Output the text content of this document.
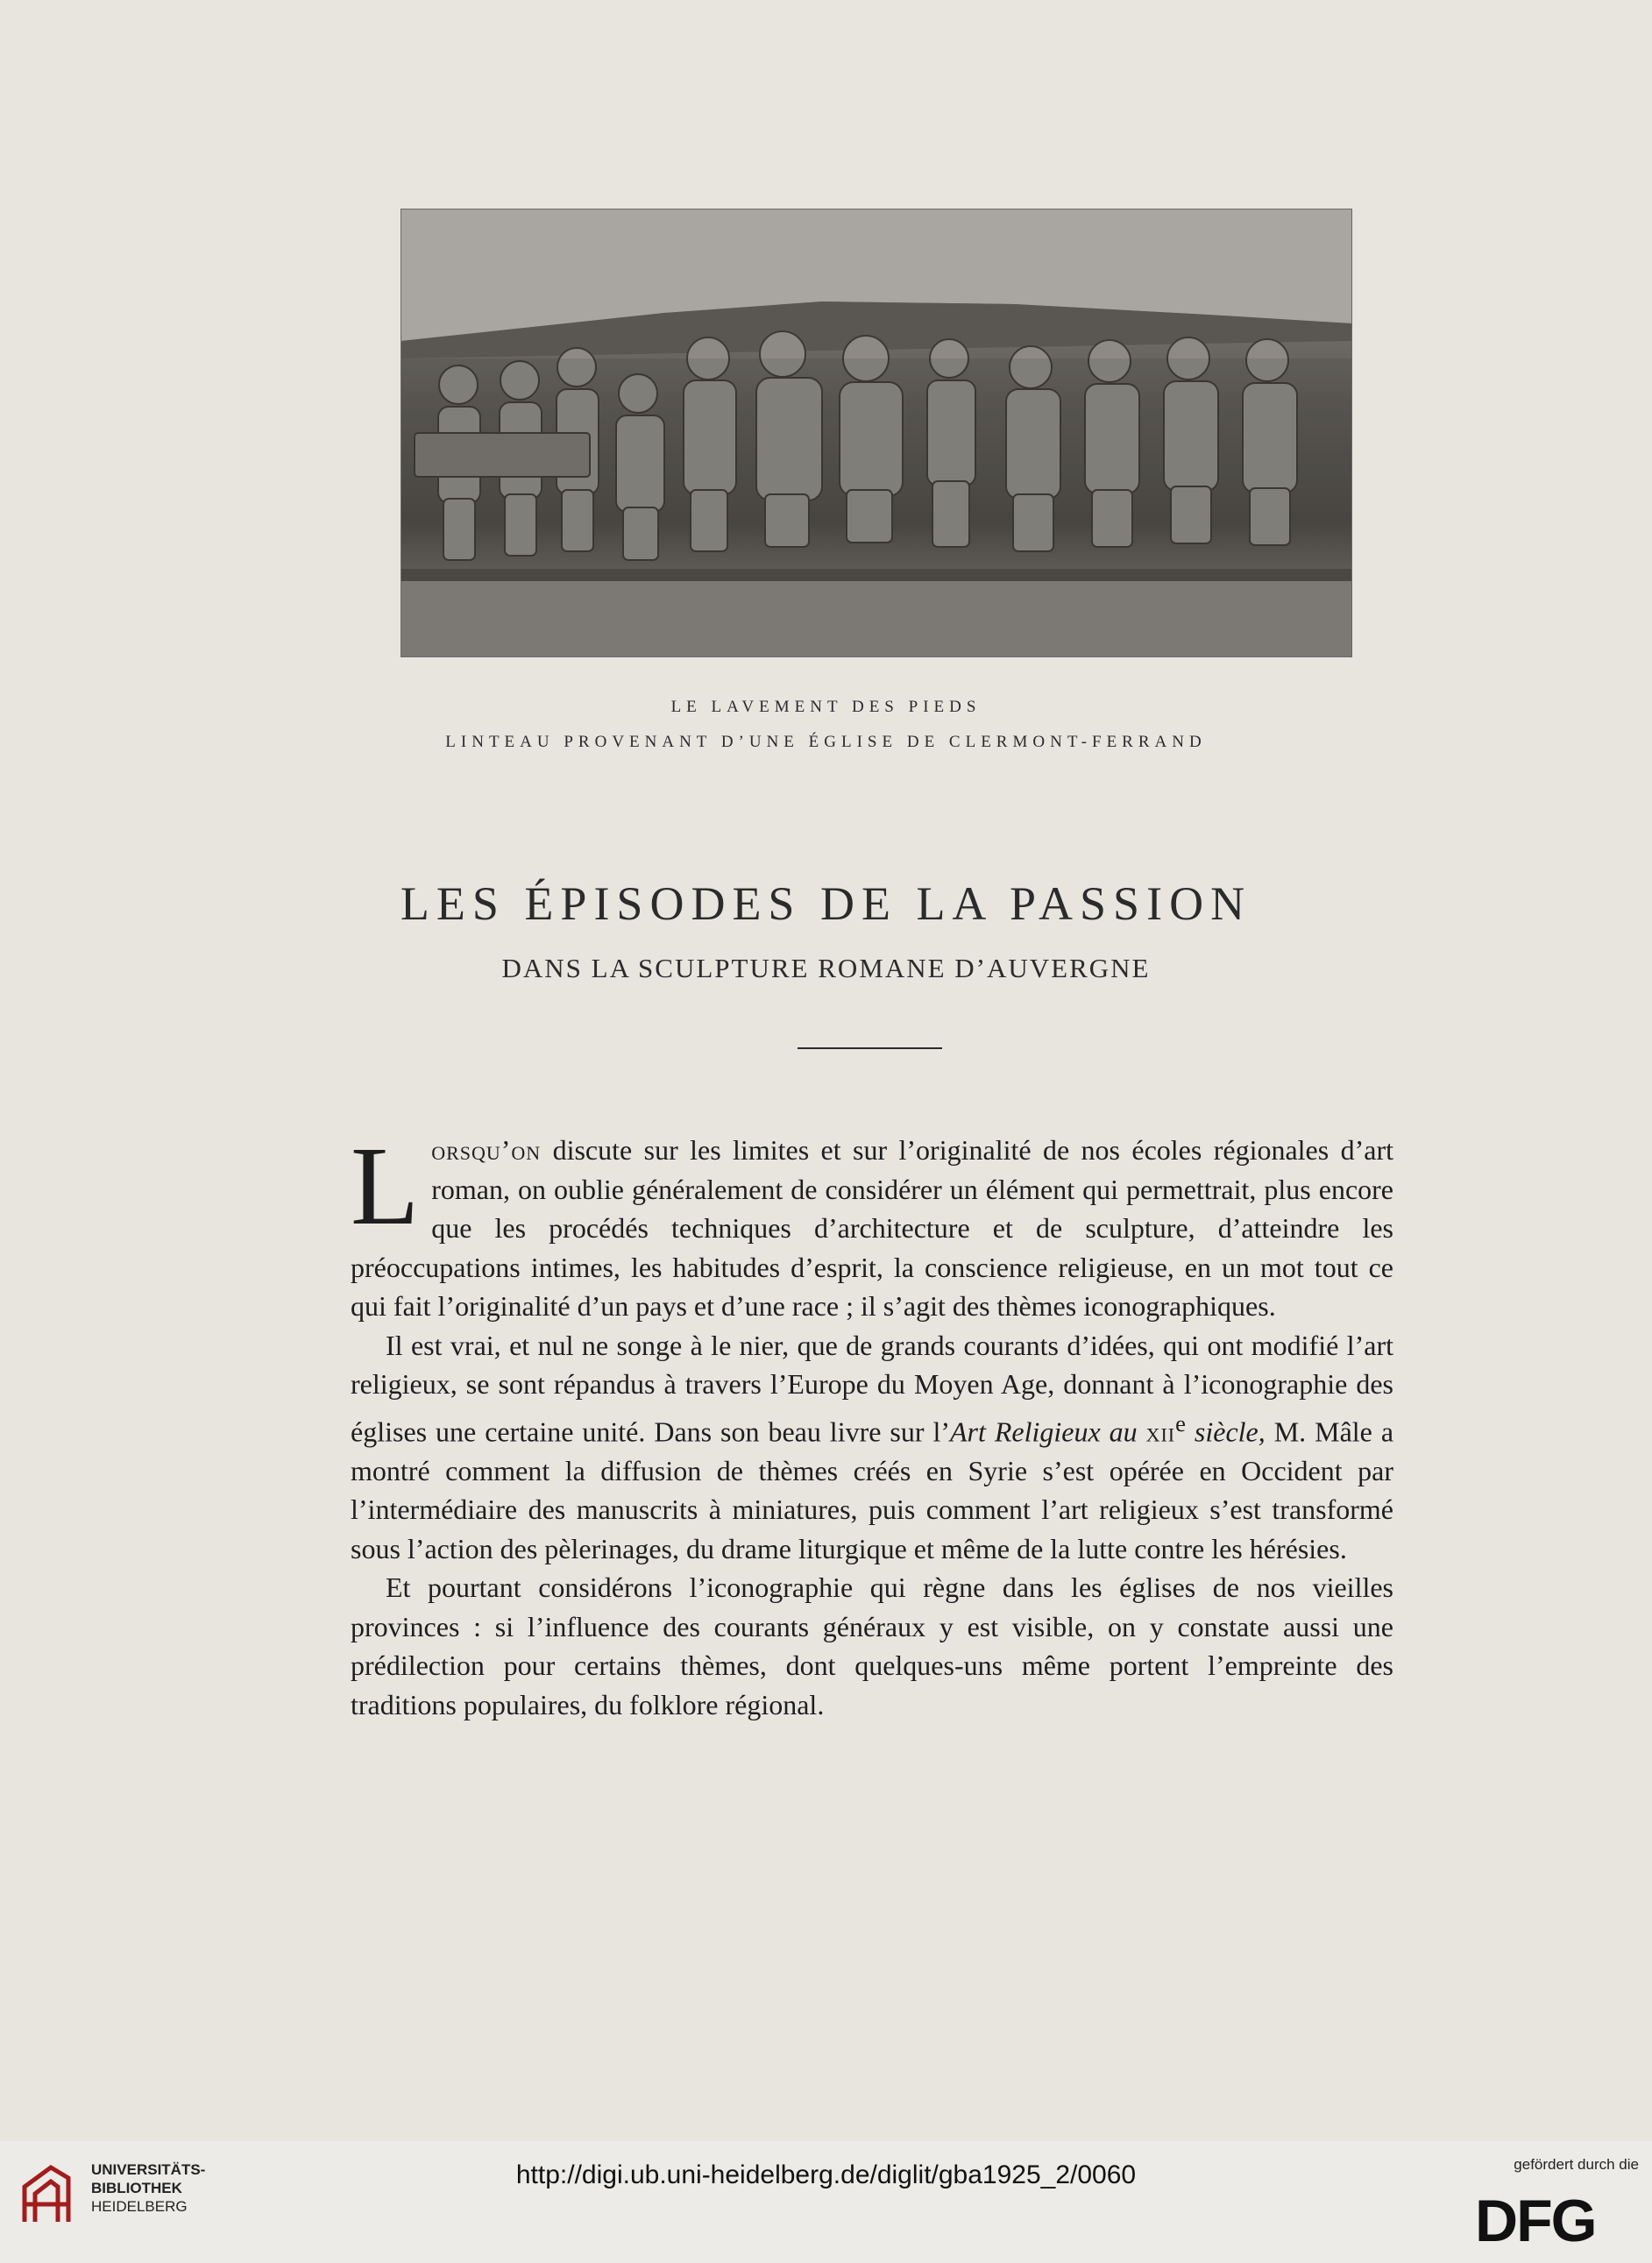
LE LAVEMENT DES PIEDS
LINTEAU PROVENANT D’UNE ÉGLISE DE CLERMONT-FERRAND
LES ÉPISODES DE LA PASSION
DANS LA SCULPTURE ROMANE D’AUVERGNE

Lorsqu’on discute sur les limites et sur l’originalité de nos écoles régionales d’art roman, on oublie généralement de considérer un élément qui permettrait, plus encore que les procédés techniques d’architecture et de sculpture, d’atteindre les préoccupations intimes, les habitudes d’esprit, la conscience religieuse, en un mot tout ce qui fait l’originalité d’un pays et d’une race ; il s’agit des thèmes iconographiques.

Il est vrai, et nul ne songe à le nier, que de grands courants d’idées, qui ont modifié l’art religieux, se sont répandus à travers l’Europe du Moyen Age, donnant à l’iconographie des églises une certaine unité. Dans son beau livre sur l’Art Religieux au xii$^e$ siècle, M. Mâle a montré comment la diffusion de thèmes créés en Syrie s’est opérée en Occident par l’intermédiaire des manuscrits à miniatures, puis comment l’art religieux s’est transformé sous l’action des pèlerinages, du drame liturgique et même de la lutte contre les hérésies.

Et pourtant considérons l’iconographie qui règne dans les églises de nos vieilles provinces : si l’influence des courants généraux y est visible, on y constate aussi une prédilection pour certains thèmes, dont quelques-uns même portent l’empreinte des traditions populaires, du folklore régional.

UNIVERSITÄTS-
BIBLIOTHEK
HEIDELBERG
http://digi.ub.uni-heidelberg.de/diglit/gba1925_2/0060	gefördert durch die
DFG
